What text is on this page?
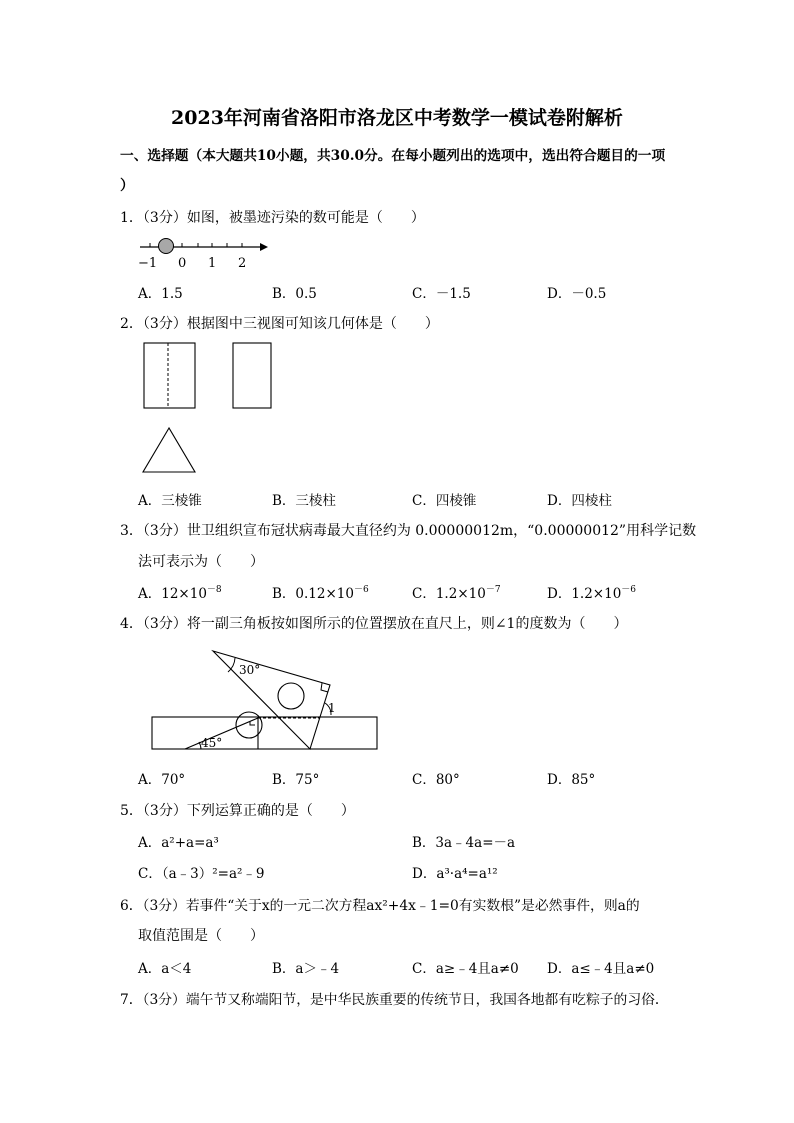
2023年河南省洛阳市洛龙区中考数学一模试卷附解析
一、选择题（本大题共10小题，共30.0分。在每小题列出的选项中，选出符合题目的一项
）
1．（3分）如图，被墨迹污染的数可能是（　　）
−1 0 1 2
A．1.5	B．0.5	C．－1.5	D．－0.5
2．（3分）根据图中三视图可知该几何体是（　　）
A．三棱锥	B．三棱柱	C．四棱锥	D．四棱柱
3．（3分）世卫组织宣布冠状病毒最大直径约为 0.00000012m，“0.00000012”用科学记数
法可表示为（　　）
A．$12\times 10^{-8}$	B．$0.12\times 10^{-6}$	C．$1.2\times 10^{-7}$	D．$1.2\times 10^{-6}$
4．（3分）将一副三角板按如图所示的位置摆放在直尺上，则∠1的度数为（　　）
30°
45°
1
A．70°	B．75°	C．80°	D．85°
5．（3分）下列运算正确的是（　　）
A．a²+a=a³	B．3a﹣4a=－a
C．（a﹣3）²=a²﹣9	D．a³·a⁴=a¹²
6．（3分）若事件“关于x的一元二次方程ax²+4x﹣1=0有实数根”是必然事件，则a的
取值范围是（　　）
A．a＜4	B．a＞﹣4	C．a≥﹣4且a≠0 D．a≤﹣4且a≠0
7．（3分）端午节又称端阳节，是中华民族重要的传统节日，我国各地都有吃粽子的习俗．
